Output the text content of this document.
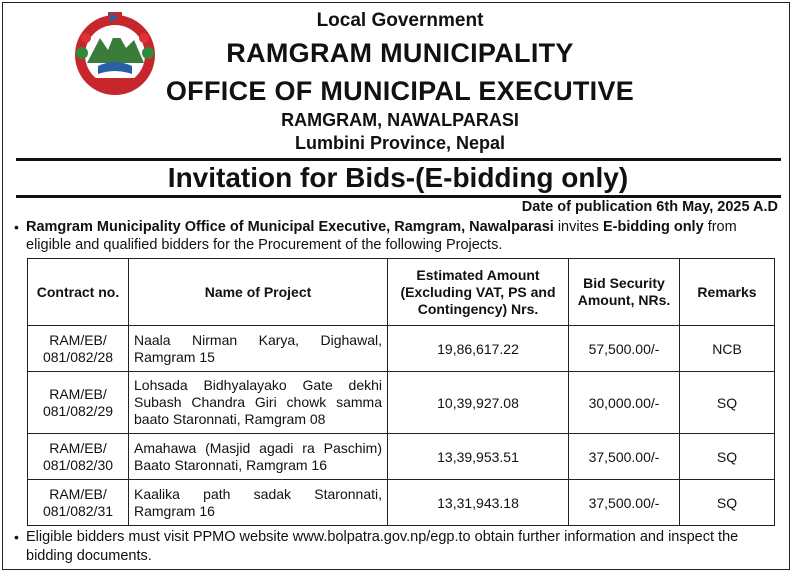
Local Government
RAMGRAM MUNICIPALITY
OFFICE OF MUNICIPAL EXECUTIVE
RAMGRAM, NAWALPARASI
Lumbini Province, Nepal
Invitation for Bids-(E-bidding only)
Date of publication 6th May, 2025 A.D
• Ramgram Municipality Office of Municipal Executive, Ramgram, Nawalparasi invites E-bidding only from eligible and qualified bidders for the Procurement of the following Projects.
Contract no.	Name of Project	Estimated Amount (Excluding VAT, PS and Contingency) Nrs.	Bid Security Amount, NRs.	Remarks
RAM/EB/ 081/082/28	Naala Nirman Karya, Dighawal, Ramgram 15	19,86,617.22	57,500.00/-	NCB
RAM/EB/ 081/082/29	Lohsada Bidhyalayako Gate dekhi Subash Chandra Giri chowk samma baato Staronnati, Ramgram 08	10,39,927.08	30,000.00/-	SQ
RAM/EB/ 081/082/30	Amahawa (Masjid agadi ra Paschim) Baato Staronnati, Ramgram 16	13,39,953.51	37,500.00/-	SQ
RAM/EB/ 081/082/31	Kaalika path sadak Staronnati, Ramgram 16	13,31,943.18	37,500.00/-	SQ
• Eligible bidders must visit PPMO website www.bolpatra.gov.np/egp.to obtain further information and inspect the bidding documents.
